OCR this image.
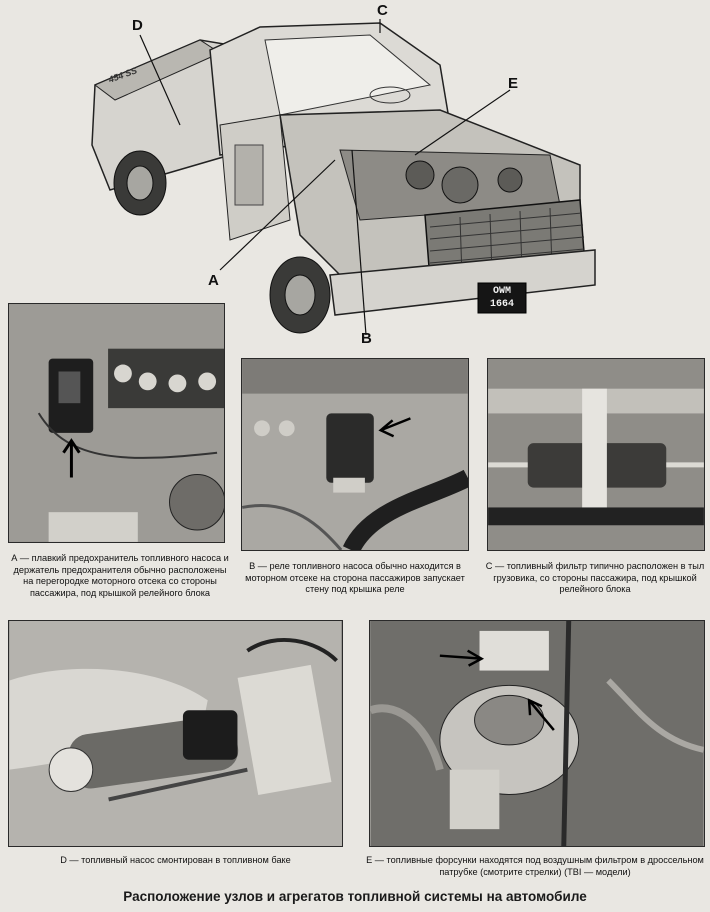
D
C
E
A
B
454 SS
OWM
1664
А — плавкий предохранитель топливного насоса и держатель предохранителя обычно расположены на перегородке моторного отсека со стороны пассажира, под крышкой релейного блока
В — реле топливного насоса обычно находится в моторном отсеке на сторона пассажиров запускает стену под крышка реле
С — топливный фильтр типично расположен в тыл грузовика, со стороны пассажира, под крышкой релейного блока
D — топливный насос смонтирован в топливном баке	Е — топливные форсунки находятся под воздушным фильтром в дроссельном патрубке (смотрите стрелки) (ТВI — модели)
Расположение узлов и агрегатов топливной системы на автомобиле
